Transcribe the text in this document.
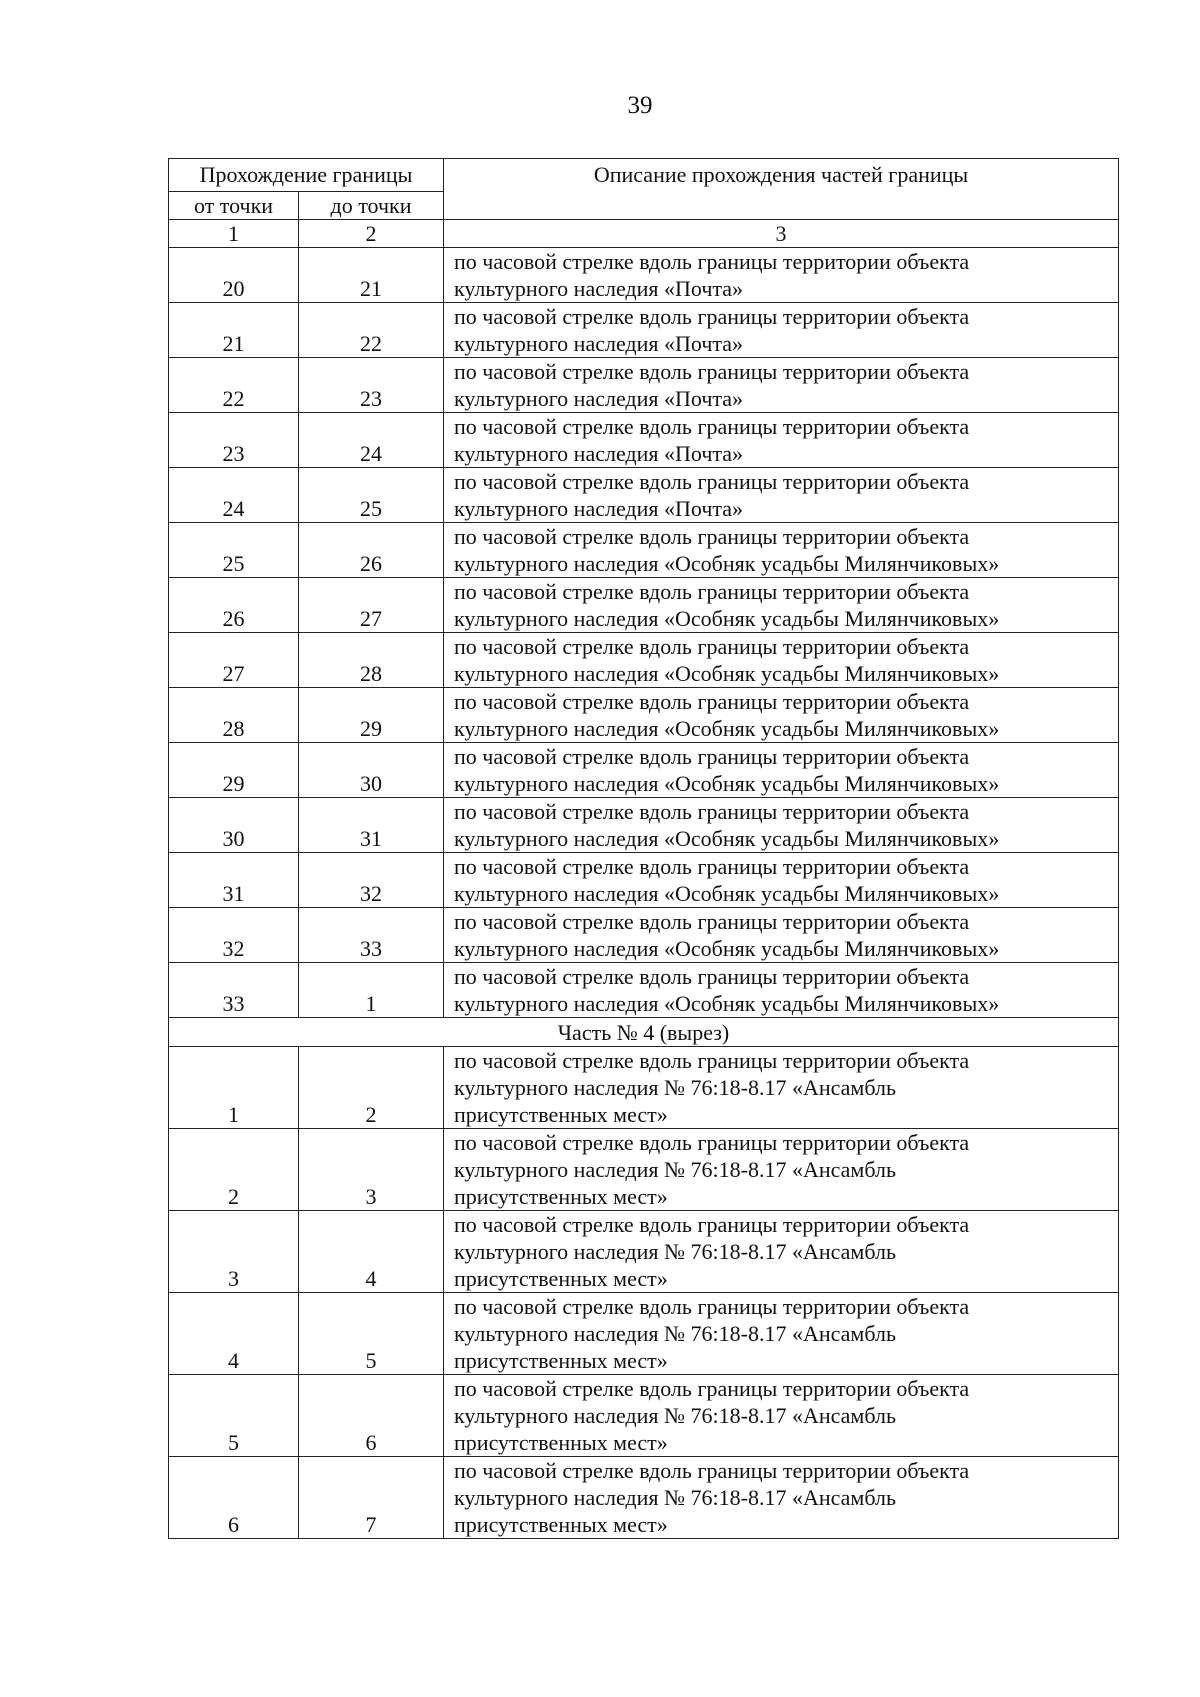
39
Прохождение границы		Описание прохождения частей границы
от точки	до точки	
1	2	3
20	21	по часовой стрелке вдоль границы территории объекта
культурного наследия «Почта»

21	22	по часовой стрелке вдоль границы территории объекта
культурного наследия «Почта»

22	23	по часовой стрелке вдоль границы территории объекта
культурного наследия «Почта»

23	24	по часовой стрелке вдоль границы территории объекта
культурного наследия «Почта»

24	25	по часовой стрелке вдоль границы территории объекта
культурного наследия «Почта»

25	26	по часовой стрелке вдоль границы территории объекта
культурного наследия «Особняк усадьбы Милянчиковых»

26	27	по часовой стрелке вдоль границы территории объекта
культурного наследия «Особняк усадьбы Милянчиковых»

27	28	по часовой стрелке вдоль границы территории объекта
культурного наследия «Особняк усадьбы Милянчиковых»

28	29	по часовой стрелке вдоль границы территории объекта
культурного наследия «Особняк усадьбы Милянчиковых»

29	30	по часовой стрелке вдоль границы территории объекта
культурного наследия «Особняк усадьбы Милянчиковых»

30	31	по часовой стрелке вдоль границы территории объекта
культурного наследия «Особняк усадьбы Милянчиковых»

31	32	по часовой стрелке вдоль границы территории объекта
культурного наследия «Особняк усадьбы Милянчиковых»

32	33	по часовой стрелке вдоль границы территории объекта
культурного наследия «Особняк усадьбы Милянчиковых»

33	1	по часовой стрелке вдоль границы территории объекта
культурного наследия «Особняк усадьбы Милянчиковых»

Часть № 4 (вырез)		
1	2	по часовой стрелке вдоль границы территории объекта
культурного наследия № 76:18-8.17 «Ансамбль
присутственных мест»

2	3	по часовой стрелке вдоль границы территории объекта
культурного наследия № 76:18-8.17 «Ансамбль
присутственных мест»

3	4	по часовой стрелке вдоль границы территории объекта
культурного наследия № 76:18-8.17 «Ансамбль
присутственных мест»

4	5	по часовой стрелке вдоль границы территории объекта
культурного наследия № 76:18-8.17 «Ансамбль
присутственных мест»

5	6	по часовой стрелке вдоль границы территории объекта
культурного наследия № 76:18-8.17 «Ансамбль
присутственных мест»

6	7	по часовой стрелке вдоль границы территории объекта
культурного наследия № 76:18-8.17 «Ансамбль
присутственных мест»
